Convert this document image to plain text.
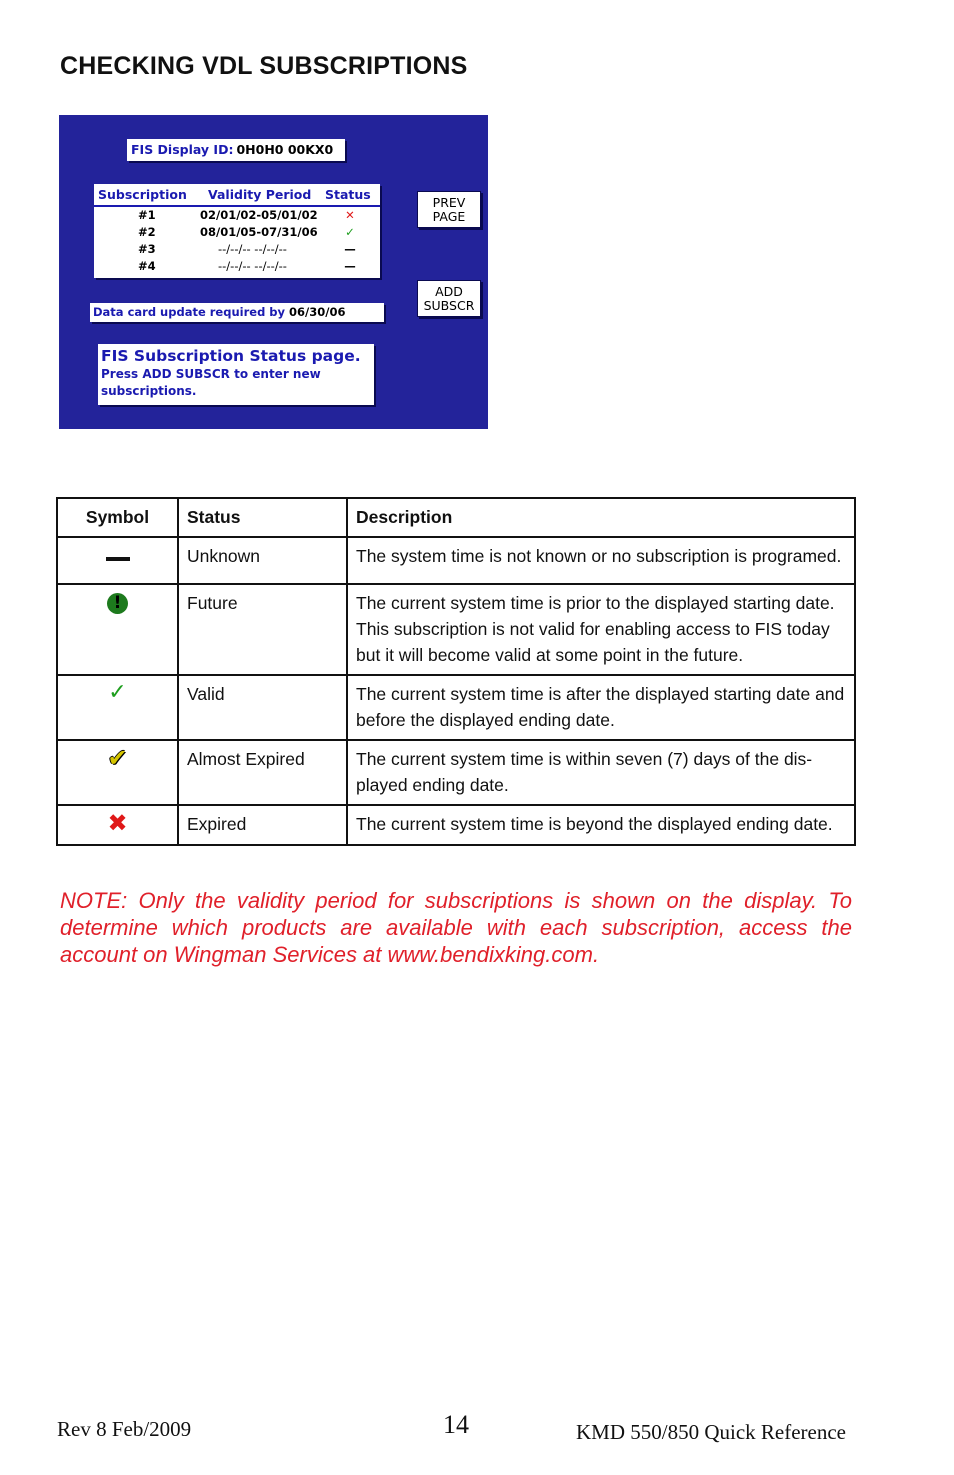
CHECKING VDL SUBSCRIPTIONS
FIS Display ID: 0H0H0 00KX0
Subscription Validity Period Status
#1	02/01/02-05/01/02 ✕
#2	08/01/05-07/31/06 ✓
#3	--/--/-- --/--/--	—
#4	--/--/-- --/--/--	—
Data card update required by 06/30/06
FIS Subscription Status page.
Press ADD SUBSCR to enter new subscriptions.
PREV PAGE
ADD SUBSCR
Symbol	Status	Description
	Unknown	The system time is not known or no subscription is programed.
!	Future	The current system time is prior to the displayed starting date. This subscription is not valid for enabling access to FIS today but it will become valid at some point in the future.
✓	Valid	The current system time is after the displayed starting date and before the displayed ending date.
✔	Almost Expired	The current system time is within seven (7) days of the dis-played ending date.
✖	Expired	The current system time is beyond the displayed ending date.

NOTE: Only the validity period for subscriptions is shown on the display. To determine which products are available with each subscription, access the account on Wingman Services at www.bendixking.com.

Rev 8 Feb/2009	14	KMD 550/850 Quick Reference
